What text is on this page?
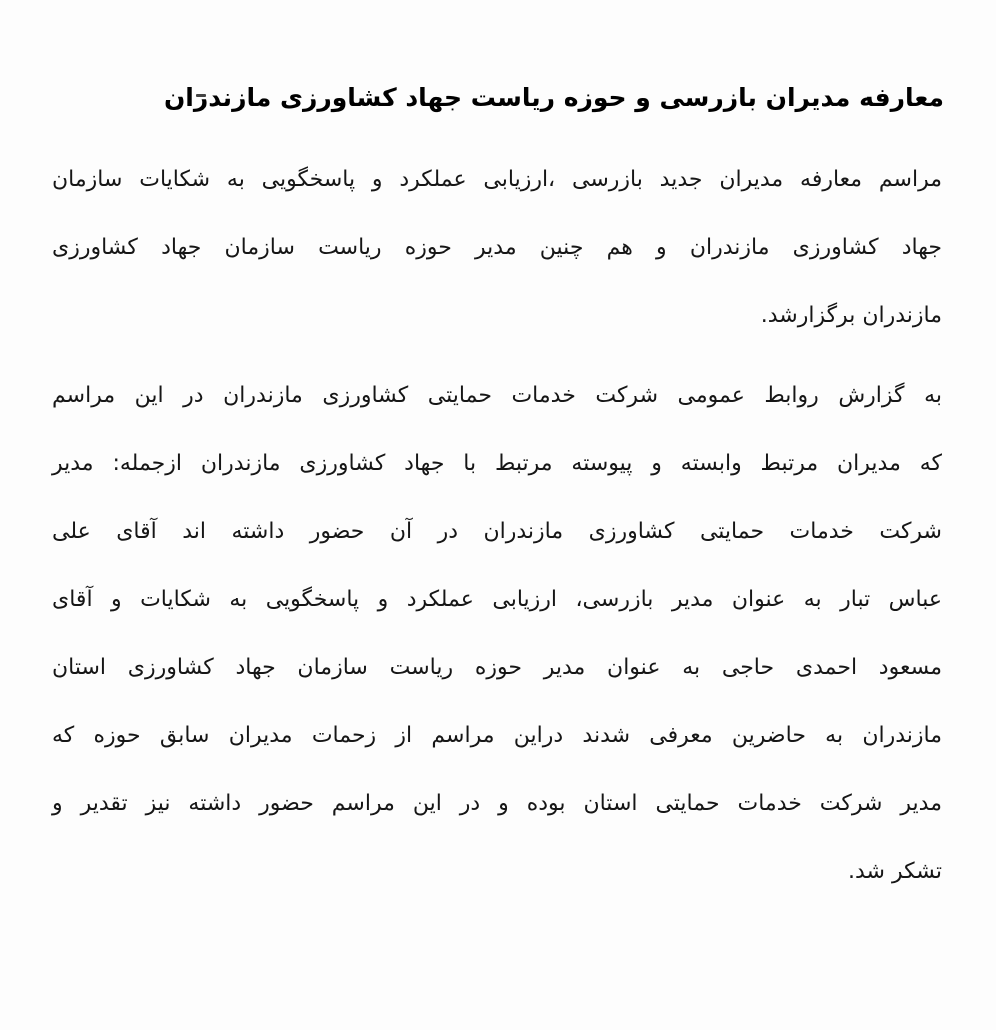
معارفه مدیران بازرسی و حوزه ریاست جهاد کشاورزی مازندران
مراسم معارفه مدیران جدید بازرسی ،ارزیابی عملکرد و پاسخگویی به شکایات سازمان
جهاد کشاورزی مازندران و هم چنین مدیر حوزه ریاست سازمان جهاد کشاورزی
مازندران برگزارشد.
به گزارش روابط عمومی شرکت خدمات حمایتی کشاورزی مازندران در این مراسم
که مدیران مرتبط وابسته و پیوسته مرتبط با جهاد کشاورزی مازندران ازجمله: مدیر
شرکت خدمات حمایتی کشاورزی مازندران در آن حضور داشته اند آقای علی
عباس تبار به عنوان مدیر بازرسی، ارزیابی عملکرد و پاسخگویی به شکایات و آقای
مسعود احمدی حاجی به عنوان مدیر حوزه ریاست سازمان جهاد کشاورزی استان
مازندران به حاضرین معرفی شدند دراین مراسم از زحمات مدیران سابق حوزه که
مدیر شرکت خدمات حمایتی استان بوده و در این مراسم حضور داشته نیز تقدیر و
تشکر شد.
